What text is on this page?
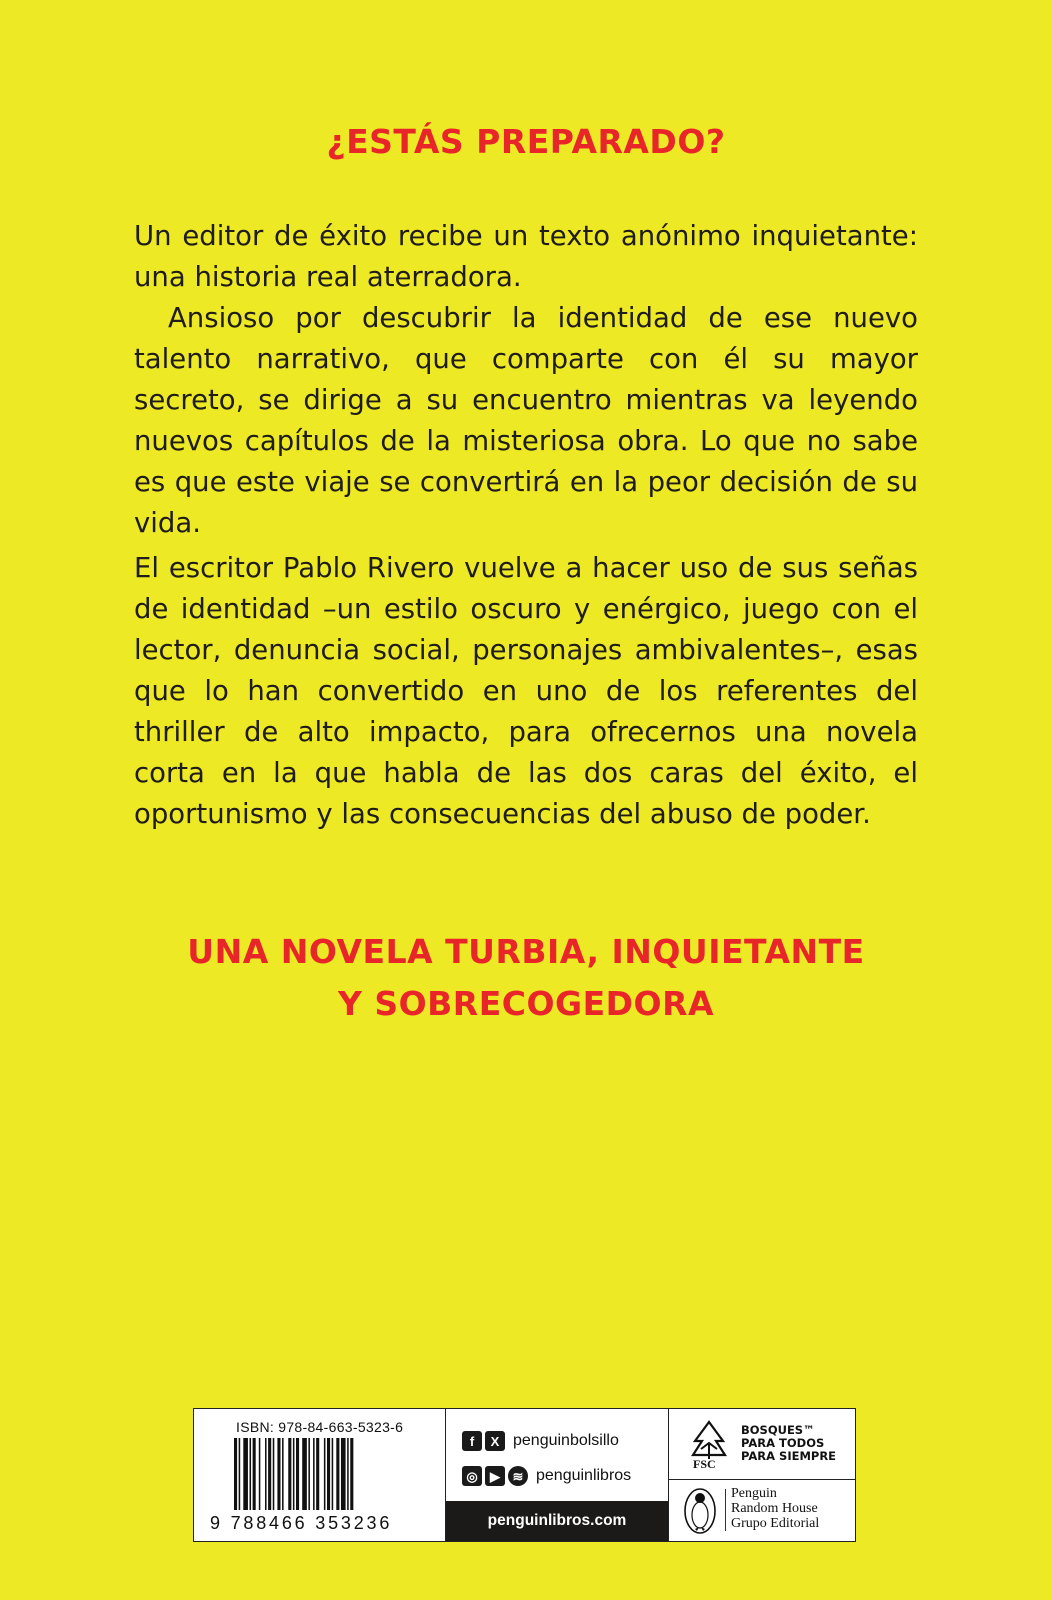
¿ESTÁS PREPARADO?

Un editor de éxito recibe un texto anónimo inquietante: una historia real aterradora.

Ansioso por descubrir la identidad de ese nuevo talento narrativo, que comparte con él su mayor secreto, se dirige a su encuentro mientras va leyendo nuevos capítulos de la misteriosa obra. Lo que no sabe es que este viaje se convertirá en la peor decisión de su vida.

El escritor Pablo Rivero vuelve a hacer uso de sus señas de identidad –un estilo oscuro y enérgico, juego con el lector, denuncia social, personajes ambivalentes–, esas que lo han convertido en uno de los referentes del thriller de alto impacto, para ofrecernos una novela corta en la que habla de las dos caras del éxito, el oportunismo y las consecuencias del abuso de poder.

UNA NOVELA TURBIA, INQUIETANTE
Y SOBRECOGEDORA
ISBN: 978-84-663-5323-6
9 788466 353236
f	X penguinbolsillo
◎ ▶ ≋ penguinlibros
penguinlibros.com
FSC
BOSQUES™
PARA TODOS
PARA SIEMPRE
Penguin
Random House
Grupo Editorial
